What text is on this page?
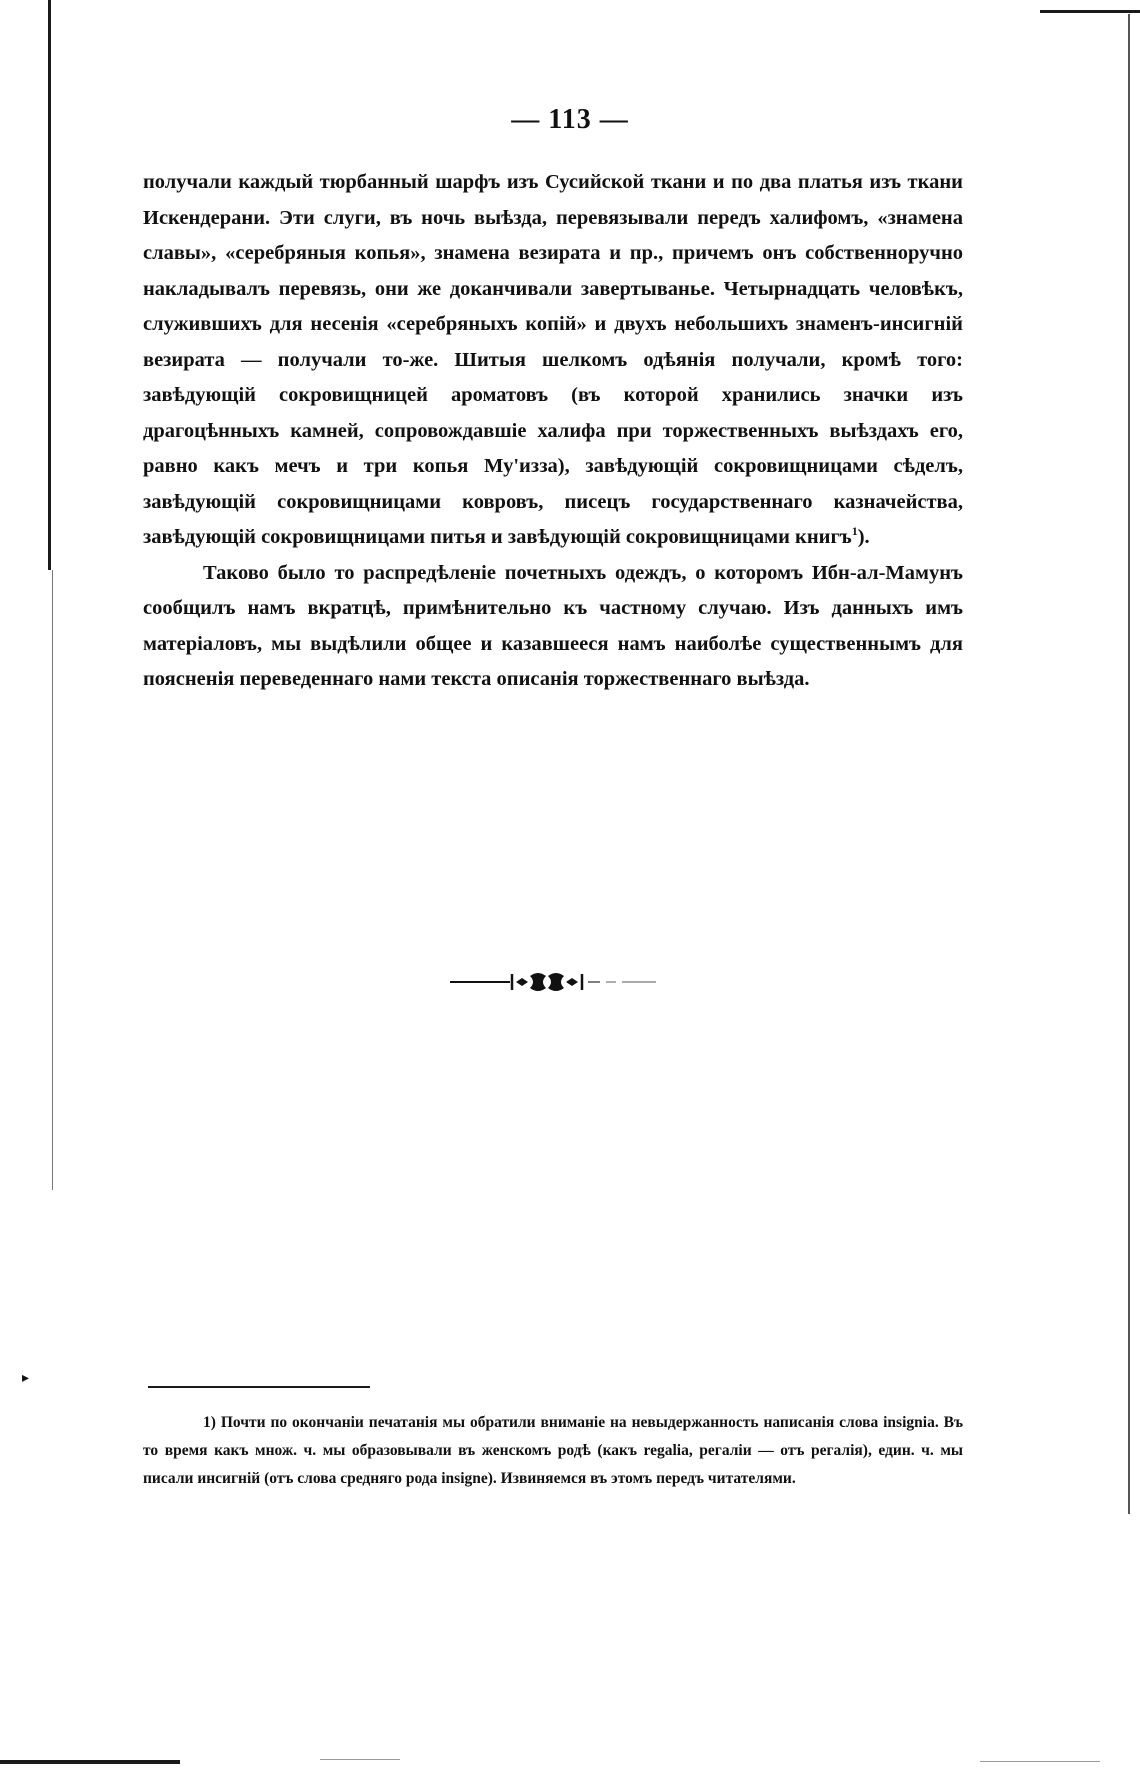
▸
— 113 —

получали каждый тюрбанный шарфъ изъ Сусийской ткани и по два платья изъ ткани Искендерани. Эти слуги, въ ночь выѣзда, перевязывали передъ халифомъ, «знамена славы», «серебряныя копья», знамена везирата и пр., причемъ онъ собственноручно накладывалъ перевязь, они же доканчивали завертыванье. Четырнадцать человѣкъ, служившихъ для несенія «серебряныхъ копій» и двухъ небольшихъ знаменъ-инсигній везирата — получали то-же. Шитыя шелкомъ одѣянія получали, кромѣ того: завѣдующій сокровищницей ароматовъ (въ которой хранились значки изъ драгоцѣнныхъ камней, сопровождавшіе халифа при торжественныхъ выѣздахъ его, равно какъ мечъ и три копья Му'изза), завѣдующій сокровищницами сѣделъ, завѣдующій сокровищницами ковровъ, писецъ государственнаго казначейства, завѣдующій сокровищницами питья и завѣдующій сокровищницами книгъ$^1$).

Таково было то распредѣленіе почетныхъ одеждъ, о которомъ Ибн-ал-Мамунъ сообщилъ намъ вкратцѣ, примѣнительно къ частному случаю. Изъ данныхъ имъ матеріаловъ, мы выдѣлили общее и казавшееся намъ наиболѣе существеннымъ для поясненія переведеннаго нами текста описанія торжественнаго выѣзда.

1) Почти по окончаніи печатанія мы обратили вниманіе на невыдержанность написанія слова insignia. Въ то время какъ множ. ч. мы образовывали въ женскомъ родѣ (какъ regalia, регаліи — отъ регалія), един. ч. мы писали инсигній (отъ слова средняго рода insigne). Извиняемся въ этомъ передъ читателями.
